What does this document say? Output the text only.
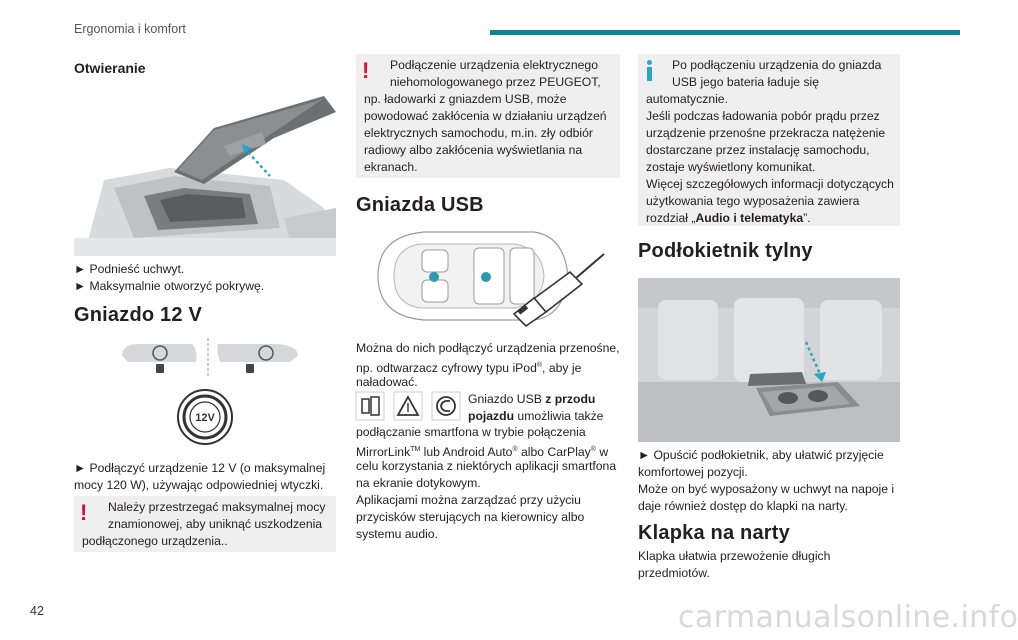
Ergonomia i komfort
Otwieranie
► Podnieść uchwyt.
► Maksymalnie otworzyć pokrywę.
Gniazdo 12 V
12V
► Podłączyć urządzenie 12 V (o maksymalnej mocy 120 W), używając odpowiedniej wtyczki.
! Należy przestrzegać maksymalnej mocy
znamionowej, aby uniknąć uszkodzenia
podłączonego urządzenia..
! Podłączenie urządzenia elektrycznego
niehomologowanego przez PEUGEOT,
np. ładowarki z gniazdem USB, może
powodować zakłócenia w działaniu urządzeń
elektrycznych samochodu, m.in. zły odbiór
radiowy albo zakłócenia wyświetlania na
ekranach.
Gniazda USB
Można do nich podłączyć urządzenia przenośne,
np. odtwarzacz cyfrowy typu iPod®, aby je
naładować.
Gniazdo USB z przodu
pojazdu umożliwia także
podłączanie smartfona w trybie połączenia
MirrorLink™ lub Android Auto® albo CarPlay® w
celu korzystania z niektórych aplikacji smartfona
na ekranie dotykowym.
Aplikacjami można zarządzać przy użyciu
przycisków sterujących na kierownicy albo
systemu audio.
Po podłączeniu urządzenia do gniazda
USB jego bateria ładuje się
automatycznie.
Jeśli podczas ładowania pobór prądu przez
urządzenie przenośne przekracza natężenie
dostarczane przez instalację samochodu,
zostaje wyświetlony komunikat.
Więcej szczegółowych informacji dotyczących
użytkowania tego wyposażenia zawiera
rozdział „Audio i telematyka”.
Podłokietnik tylny
► Opuścić podłokietnik, aby ułatwić przyjęcie
komfortowej pozycji.
Może on być wyposażony w uchwyt na napoje i
daje również dostęp do klapki na narty.
Klapka na narty
Klapka ułatwia przewożenie długich przedmiotów.
42	carmanualsonline.info
